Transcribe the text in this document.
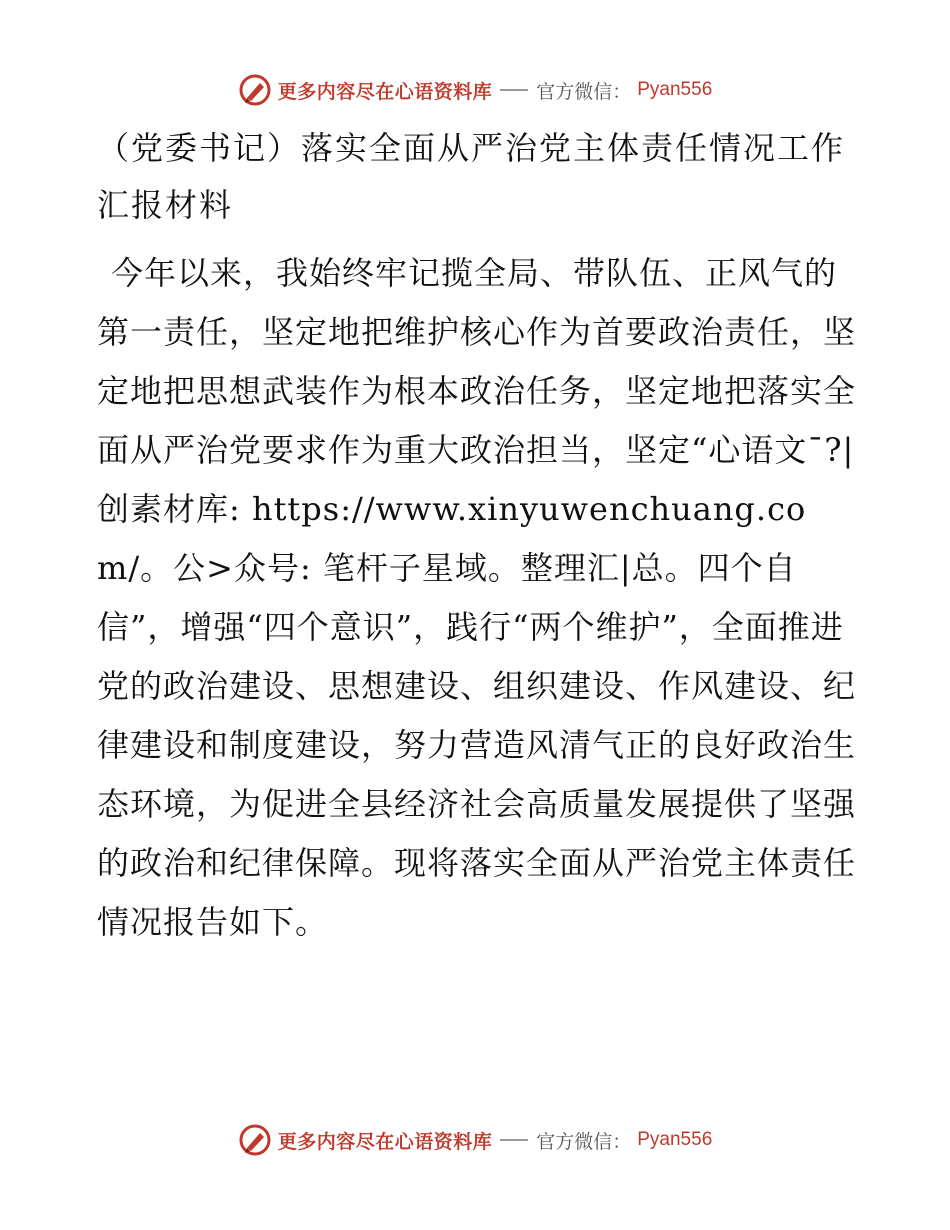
更多内容尽在心语资料库 官方微信： Pyan556
（党委书记）落实全面从严治党主体责任情况工作汇报材料

今年以来，我始终牢记揽全局、带队伍、正风气的第一责任，坚定地把维护核心作为首要政治责任，坚定地把思想武装作为根本政治任务，坚定地把落实全面从严治党要求作为重大政治担当，坚定“心语文¯?|创素材库: https://www.xinyuwenchuang.com/。公>众号: 笔杆子星域。整理汇|总。四个自信”，增强“四个意识”，践行“两个维护”，全面推进党的政治建设、思想建设、组织建设、作风建设、纪律建设和制度建设，努力营造风清气正的良好政治生态环境，为促进全县经济社会高质量发展提供了坚强的政治和纪律保障。现将落实全面从严治党主体责任情况报告如下。

更多内容尽在心语资料库 官方微信： Pyan556
